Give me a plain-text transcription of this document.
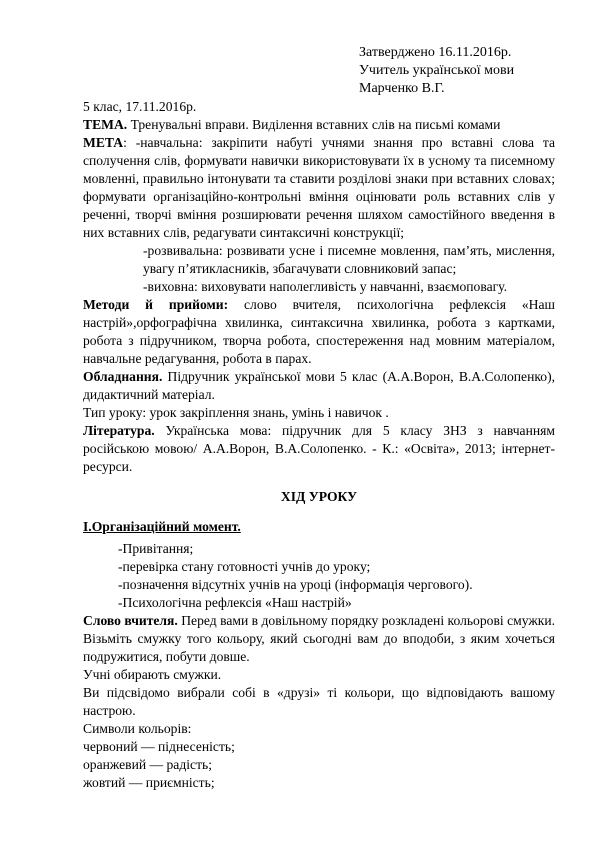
Затверджено 16.11.2016р.
Учитель української мови
Марченко В.Г.

5 клас, 17.11.2016р.

ТЕМА. Тренувальні вправи. Виділення вставних слів на письмі комами

МЕТА: -навчальна: закріпити набуті учнями знання про вставні слова та сполучення слів, формувати навички використовувати їх в усному та писемному мовленні, правильно інтонувати та ставити розділові знаки при вставних словах; формувати організаційно-контрольні вміння оцінювати роль вставних слів у реченні, творчі вміння розширювати речення шляхом самостійного введення в них вставних слів, редагувати синтаксичні конструкції;

-розвивальна: розвивати усне і писемне мовлення, пам’ять, мислення, увагу п’ятикласників, збагачувати словниковий запас;

-виховна: виховувати наполегливість у навчанні, взаємоповагу.

Методи й прийоми: слово вчителя, психологічна рефлексія «Наш настрій»,орфографічна хвилинка, синтаксична хвилинка, робота з картками, робота з підручником, творча робота, спостереження над мовним матеріалом, навчальне редагування, робота в парах.

Обладнання. Підручник української мови 5 клас (А.А.Ворон, В.А.Солопенко), дидактичний матеріал.

Тип уроку: урок закріплення знань, умінь і навичок .

Література. Українська мова: підручник для 5 класу ЗНЗ з навчанням російською мовою/ А.А.Ворон, В.А.Солопенко. - К.: «Освіта», 2013; інтернет-ресурси.

ХІД УРОКУ

І.Організаційний момент.

-Привітання;

-перевірка стану готовності учнів до уроку;

-позначення відсутніх учнів на уроці (інформація чергового).

-Психологічна рефлексія «Наш настрій»

Слово вчителя. Перед вами в довільному порядку розкладені кольорові смужки. Візьміть смужку того кольору, який сьогодні вам до вподоби, з яким хочеться подружитися, побути довше.

Учні обирають смужки.

Ви підсвідомо вибрали собі в «друзі» ті кольори, що відповідають вашому настрою.

Символи кольорів:

червоний — піднесеність;

оранжевий — радість;

жовтий — приємність;
